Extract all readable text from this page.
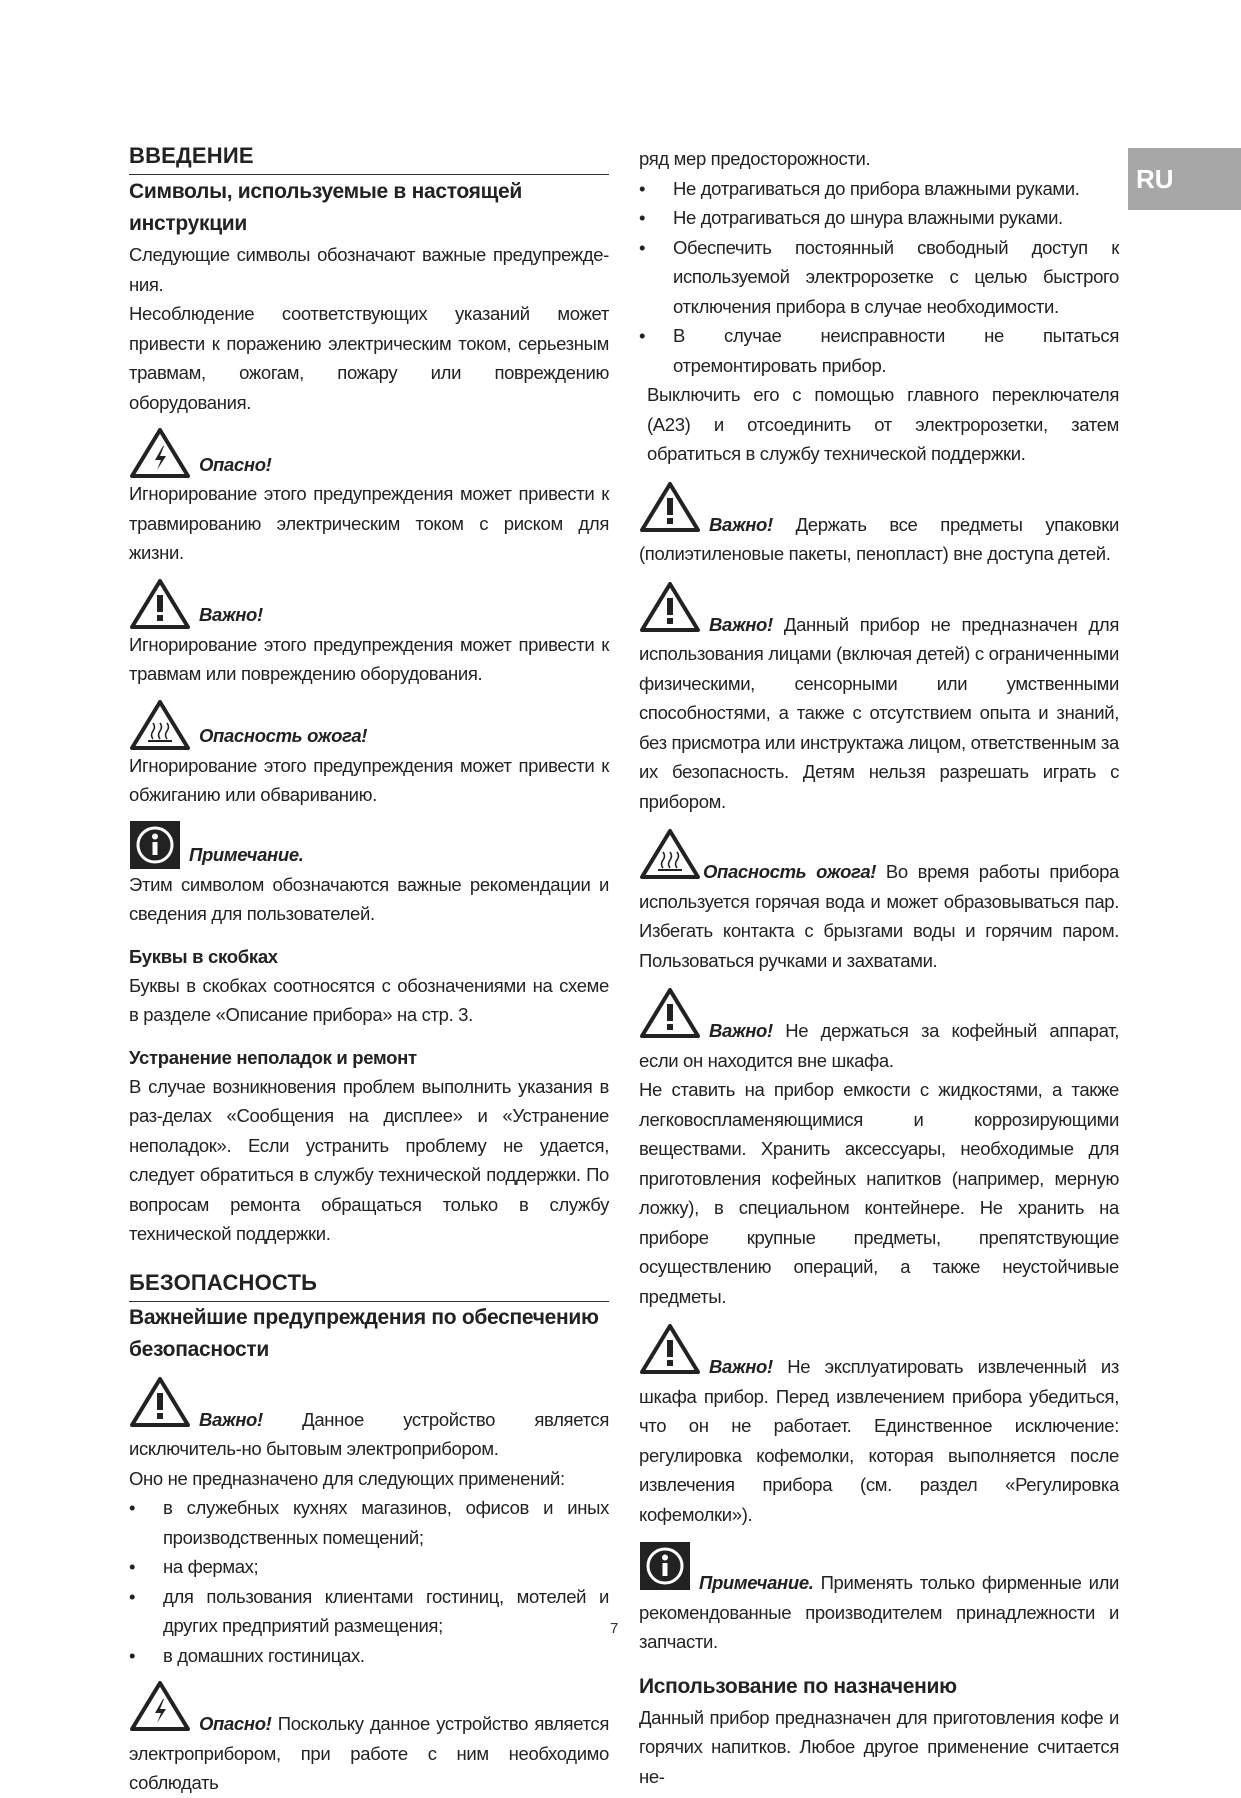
RU
ВВЕДЕНИЕ
Символы, используемые в настоящей инструкции

Следующие символы обозначают важные предупрежде-ния.

Несоблюдение соответствующих указаний может привести к поражению электрическим током, серьезным травмам, ожогам, пожару или повреждению оборудования.

Опасно!

Игнорирование этого предупреждения может привести к травмированию электрическим током с риском для жизни.

Важно!

Игнорирование этого предупреждения может привести к травмам или повреждению оборудования.

Опасность ожога!

Игнорирование этого предупреждения может привести к обжиганию или обвариванию.

Примечание.

Этим символом обозначаются важные рекомендации и сведения для пользователей.

Буквы в скобках

Буквы в скобках соотносятся с обозначениями на схеме в разделе «Описание прибора» на стр. 3.

Устранение неполадок и ремонт

В случае возникновения проблем выполнить указания в раз-делах «Сообщения на дисплее» и «Устранение неполадок». Если устранить проблему не удается, следует обратиться в службу технической поддержки. По вопросам ремонта обращаться только в службу технической поддержки.

БЕЗОПАСНОСТЬ
Важнейшие предупреждения по обеспечению безопасности
Важно! Данное устройство является исключитель-но бытовым электроприбором.

Оно не предназначено для следующих применений:

• в служебных кухнях магазинов, офисов и иных производственных помещений;
• на фермах;
• для пользования клиентами гостиниц, мотелей и других предприятий размещения;
• в домашних гостиницах.
Опасно! Поскольку данное устройство является электроприбором, при работе с ним необходимо соблюдать

ряд мер предосторожности.

• Не дотрагиваться до прибора влажными руками.
• Не дотрагиваться до шнура влажными руками.
• Обеспечить постоянный свободный доступ к используемой электророзетке с целью быстрого отключения прибора в случае необходимости.
• В случае неисправности не пытаться отремонтировать прибор.

Выключить его с помощью главного переключателя (A23) и отсоединить от электророзетки, затем обратиться в службу технической поддержки.

Важно! Держать все предметы упаковки (полиэтиленовые пакеты, пенопласт) вне доступа детей.
Важно! Данный прибор не предназначен для использования лицами (включая детей) с ограниченными физическими, сенсорными или умственными способностями, а также с отсутствием опыта и знаний, без присмотра или инструктажа лицом, ответственным за их безопасность. Детям нельзя разрешать играть с прибором.
Опасность ожога! Во время работы прибора используется горячая вода и может образовываться пар. Избегать контакта с брызгами воды и горячим паром. Пользоваться ручками и захватами.
Важно! Не держаться за кофейный аппарат, если он находится вне шкафа.

Не ставить на прибор емкости с жидкостями, а также легковоспламеняющимися и коррозирующими веществами. Хранить аксессуары, необходимые для приготовления кофейных напитков (например, мерную ложку), в специальном контейнере. Не хранить на приборе крупные предметы, препятствующие осуществлению операций, а также неустойчивые предметы.

Важно! Не эксплуатировать извлеченный из шкафа прибор. Перед извлечением прибора убедиться, что он не работает. Единственное исключение: регулировка кофемолки, которая выполняется после извлечения прибора (см. раздел «Регулировка кофемолки»).
Примечание. Применять только фирменные или рекомендованные производителем принадлежности и запчасти.
Использование по назначению

Данный прибор предназначен для приготовления кофе и горячих напитков. Любое другое применение считается не-

7
